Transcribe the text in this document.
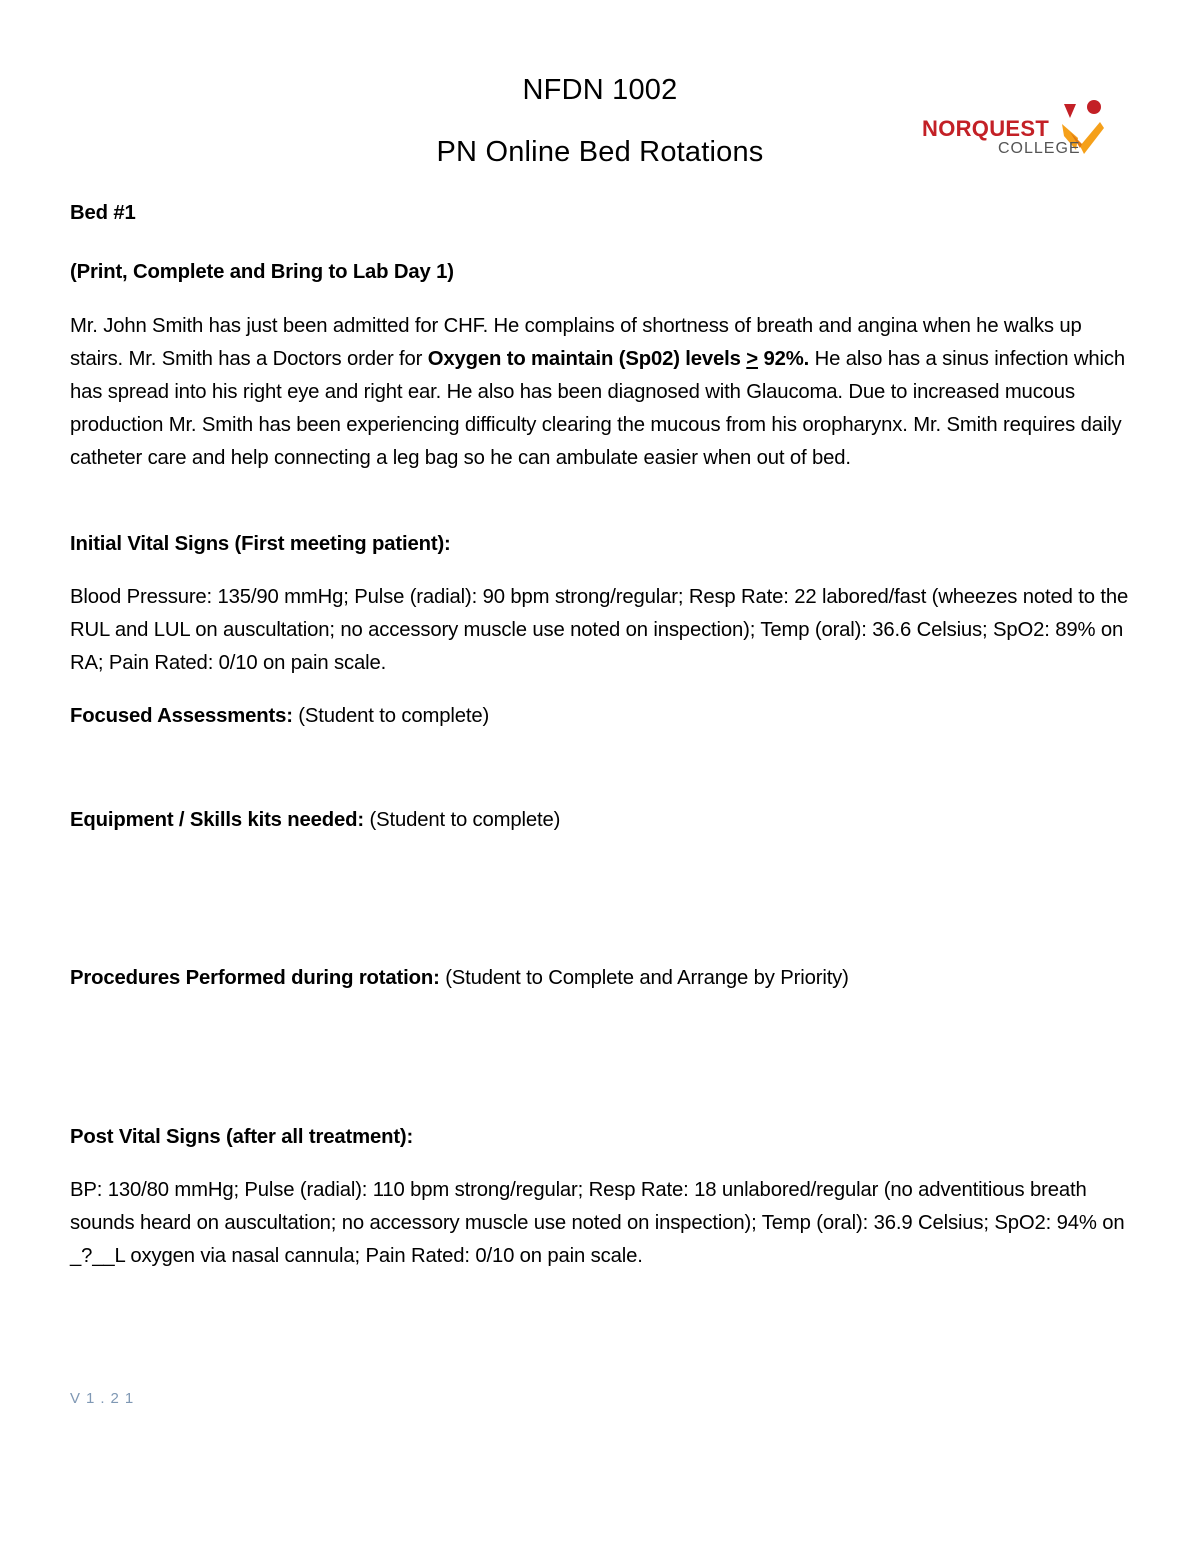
NFDN 1002
PN Online Bed Rotations
NORQUEST
COLLEGE

Bed #1

(Print, Complete and Bring to Lab Day 1)

Mr. John Smith has just been admitted for CHF. He complains of shortness of breath and angina when he walks up stairs. Mr. Smith has a Doctors order for Oxygen to maintain (Sp02) levels > 92%. He also has a sinus infection which has spread into his right eye and right ear. He also has been diagnosed with Glaucoma. Due to increased mucous production Mr. Smith has been experiencing difficulty clearing the mucous from his oropharynx. Mr. Smith requires daily catheter care and help connecting a leg bag so he can ambulate easier when out of bed.

Initial Vital Signs (First meeting patient):

Blood Pressure: 135/90 mmHg; Pulse (radial): 90 bpm strong/regular; Resp Rate: 22 labored/fast (wheezes noted to the RUL and LUL on auscultation; no accessory muscle use noted on inspection); Temp (oral): 36.6 Celsius; SpO2: 89% on RA; Pain Rated: 0/10 on pain scale.

Focused Assessments: (Student to complete)

Equipment / Skills kits needed: (Student to complete)

Procedures Performed during rotation: (Student to Complete and Arrange by Priority)

Post Vital Signs (after all treatment):

BP: 130/80 mmHg; Pulse (radial): 110 bpm strong/regular; Resp Rate: 18 unlabored/regular (no adventitious breath sounds heard on auscultation; no accessory muscle use noted on inspection); Temp (oral): 36.9 Celsius; SpO2: 94% on _?__L oxygen via nasal cannula; Pain Rated: 0/10 on pain scale.

V1.21
